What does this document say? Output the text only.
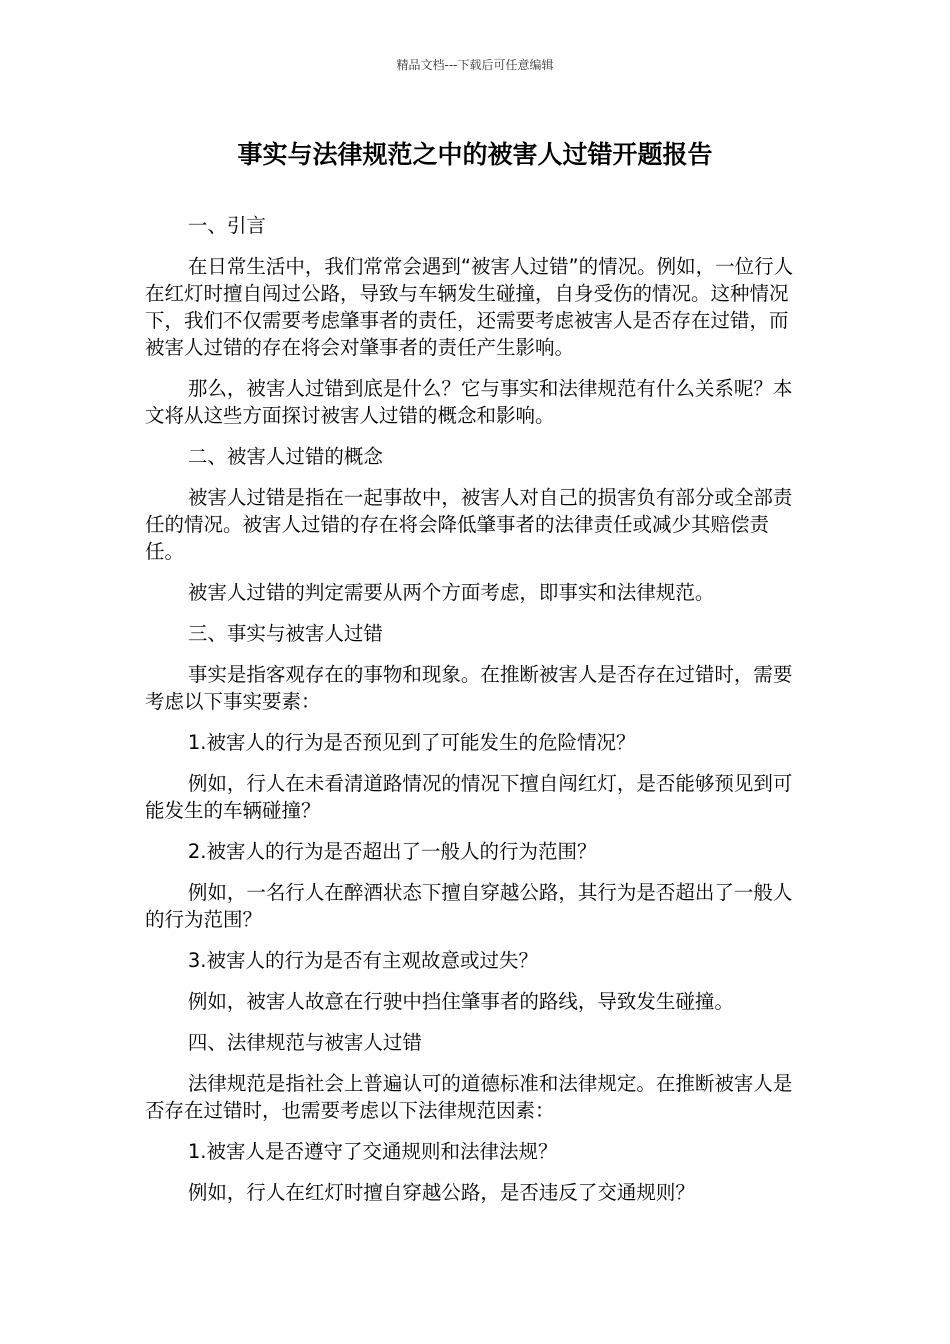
精品文档---下载后可任意编辑
事实与法律规范之中的被害人过错开题报告

一、引言

在日常生活中，我们常常会遇到“被害人过错”的情况。例如，一位行人在红灯时擅自闯过公路，导致与车辆发生碰撞，自身受伤的情况。这种情况下，我们不仅需要考虑肇事者的责任，还需要考虑被害人是否存在过错，而被害人过错的存在将会对肇事者的责任产生影响。

那么，被害人过错到底是什么？它与事实和法律规范有什么关系呢？本文将从这些方面探讨被害人过错的概念和影响。

二、被害人过错的概念

被害人过错是指在一起事故中，被害人对自己的损害负有部分或全部责任的情况。被害人过错的存在将会降低肇事者的法律责任或减少其赔偿责任。

被害人过错的判定需要从两个方面考虑，即事实和法律规范。

三、事实与被害人过错

事实是指客观存在的事物和现象。在推断被害人是否存在过错时，需要考虑以下事实要素：

1.被害人的行为是否预见到了可能发生的危险情况？

例如，行人在未看清道路情况的情况下擅自闯红灯，是否能够预见到可能发生的车辆碰撞？

2.被害人的行为是否超出了一般人的行为范围？

例如，一名行人在醉酒状态下擅自穿越公路，其行为是否超出了一般人的行为范围？

3.被害人的行为是否有主观故意或过失？

例如，被害人故意在行驶中挡住肇事者的路线，导致发生碰撞。

四、法律规范与被害人过错

法律规范是指社会上普遍认可的道德标准和法律规定。在推断被害人是否存在过错时，也需要考虑以下法律规范因素：

1.被害人是否遵守了交通规则和法律法规？

例如，行人在红灯时擅自穿越公路，是否违反了交通规则？
